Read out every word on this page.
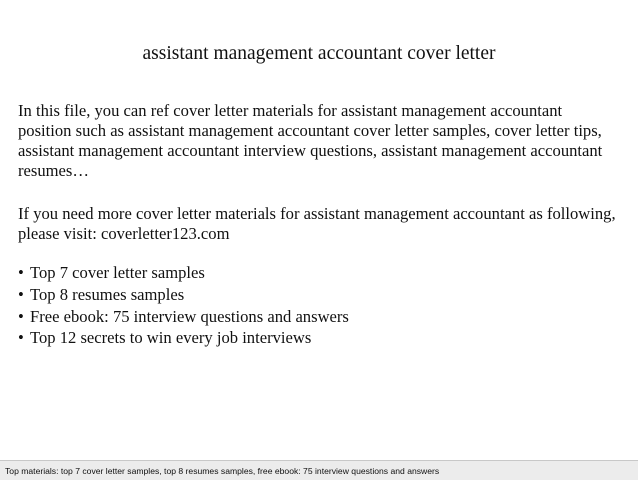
assistant management accountant cover letter
In this file, you can ref cover letter materials for assistant management accountant position such as assistant management accountant cover letter samples, cover letter tips, assistant management accountant interview questions, assistant management accountant resumes…
If you need more cover letter materials for assistant management accountant as following, please visit: coverletter123.com
• Top 7 cover letter samples
• Top 8 resumes samples
• Free ebook: 75 interview questions and answers
• Top 12 secrets to win every job interviews
Top materials: top 7 cover letter samples, top 8 resumes samples, free ebook: 75 interview questions and answers
